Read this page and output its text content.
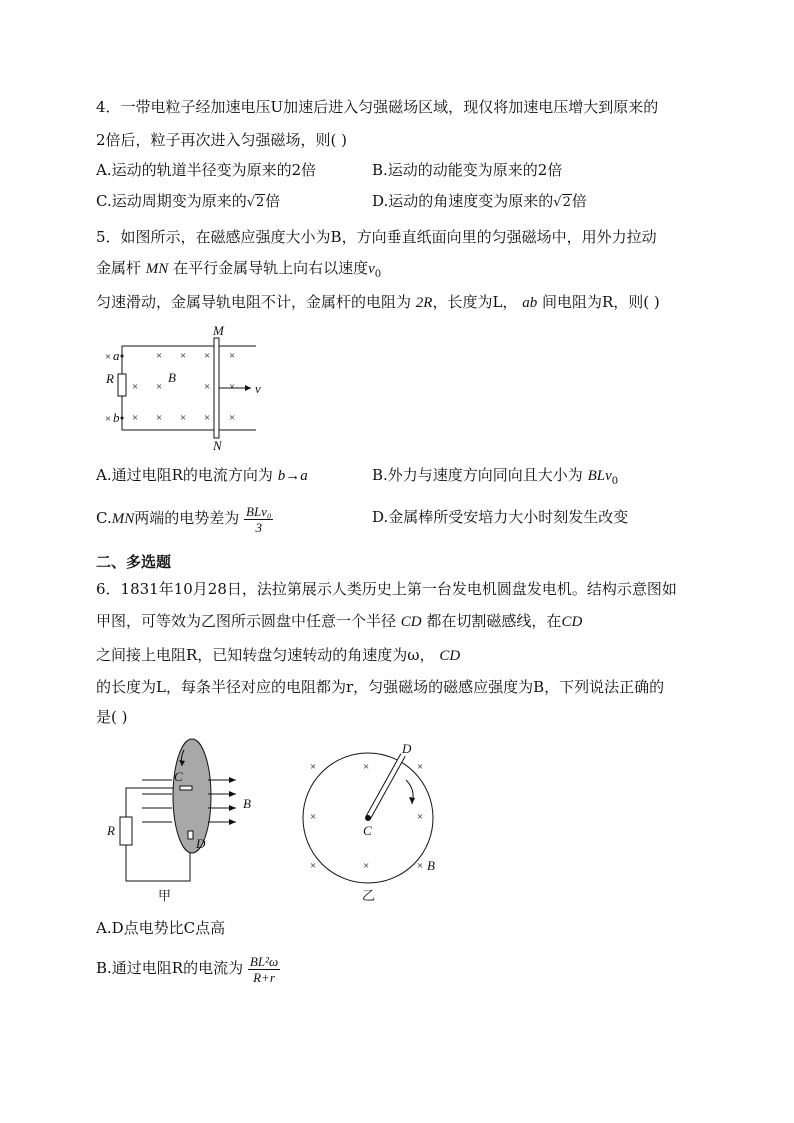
4．一带电粒子经加速电压U加速后进入匀强磁场区域，现仅将加速电压增大到原来的
2倍后，粒子再次进入匀强磁场，则( )
A.运动的轨道半径变为原来的2倍	B.运动的动能变为原来的2倍
C.运动周期变为原来的√2倍	D.运动的角速度变为原来的√2倍
5．如图所示，在磁感应强度大小为B，方向垂直纸面向里的匀强磁场中，用外力拉动
金属杆 MN 在平行金属导轨上向右以速度$v_0$
匀速滑动，金属导轨电阻不计，金属杆的电阻为 2R，长度为L， ab 间电阻为R，则( )
×	× × × ×
× ×	× ×
× × × × × ×
M
N
a
b
R	B
v
A.通过电阻R的电流方向为 b→a	B.外力与速度方向同向且大小为 BLv$_0$
C.MN两端的电势差为 $\frac{\text{BLv₀}}{3}$	D.金属棒所受安培力大小时刻发生改变
二、多选题
6．1831年10月28日，法拉第展示人类历史上第一台发电机圆盘发电机。结构示意图如
甲图，可等效为乙图所示圆盘中任意一个半径 CD 都在切割磁感线，在CD
之间接上电阻R，已知转盘匀速转动的角速度为ω， CD
的长度为L，每条半径对应的电阻都为r，匀强磁场的磁感应强度为B，下列说法正确的
是( )
C
D
R
B
甲
×	×	×
×	×
×	×	×
D
C
B
乙
A.D点电势比C点高
B.通过电阻R的电流为 $\frac{\text{BL²ω}}{R+r}$
